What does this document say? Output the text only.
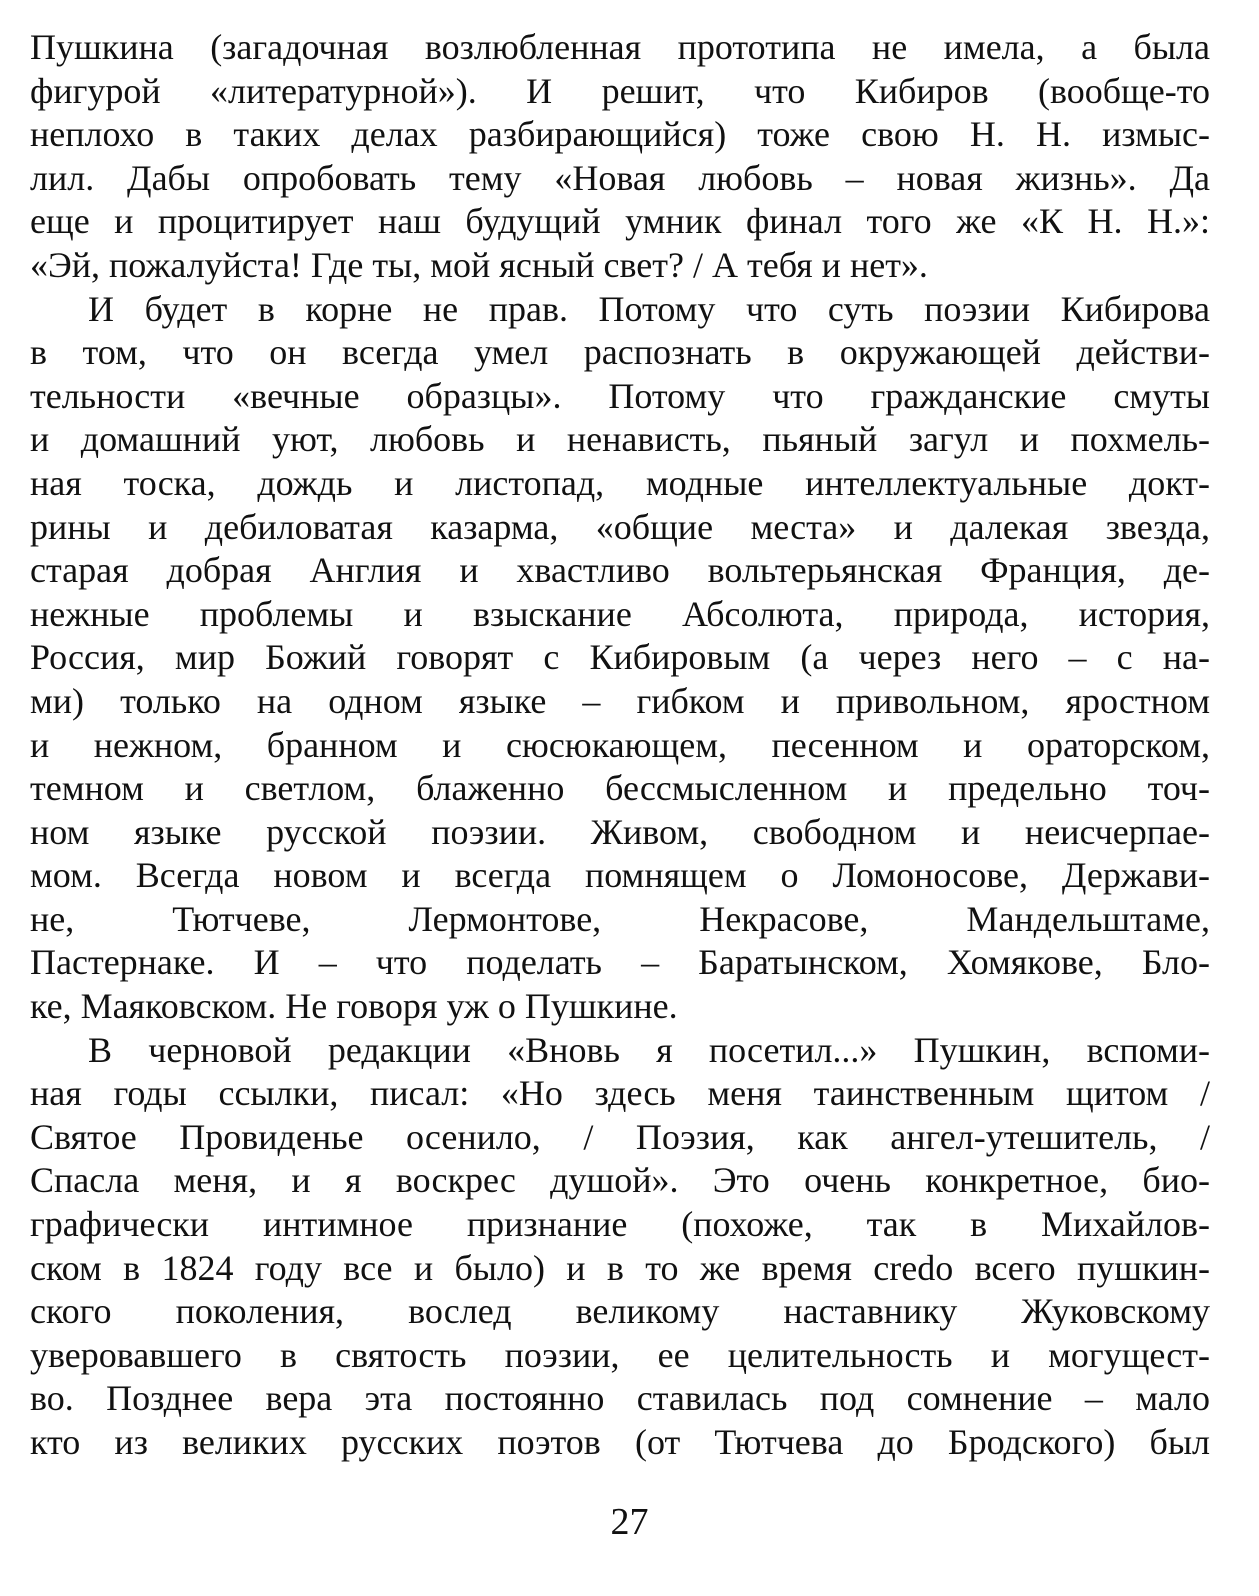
Пушкина (загадочная возлюбленная прототипа не имела, а была
фигурой «литературной»). И решит, что Кибиров (вообще-то
неплохо в таких делах разбирающийся) тоже свою Н. Н. измыс-
лил. Дабы опробовать тему «Новая любовь – новая жизнь». Да
еще и процитирует наш будущий умник финал того же «К Н. Н.»:
«Эй, пожалуйста! Где ты, мой ясный свет? / А тебя и нет».
И будет в корне не прав. Потому что суть поэзии Кибирова
в том, что он всегда умел распознать в окружающей действи-
тельности «вечные образцы». Потому что гражданские смуты
и домашний уют, любовь и ненависть, пьяный загул и похмель-
ная тоска, дождь и листопад, модные интеллектуальные докт-
рины и дебиловатая казарма, «общие места» и далекая звезда,
старая добрая Англия и хвастливо вольтерьянская Франция, де-
нежные проблемы и взыскание Абсолюта, природа, история,
Россия, мир Божий говорят с Кибировым (а через него – с на-
ми) только на одном языке – гибком и привольном, яростном
и нежном, бранном и сюсюкающем, песенном и ораторском,
темном и светлом, блаженно бессмысленном и предельно точ-
ном языке русской поэзии. Живом, свободном и неисчерпае-
мом. Всегда новом и всегда помнящем о Ломоносове, Держави-
не, Тютчеве, Лермонтове, Некрасове, Мандельштаме,
Пастернаке. И – что поделать – Баратынском, Хомякове, Бло-
ке, Маяковском. Не говоря уж о Пушкине.
В черновой редакции «Вновь я посетил...» Пушкин, вспоми-
ная годы ссылки, писал: «Но здесь меня таинственным щитом /
Святое Провиденье осенило, / Поэзия, как ангел-утешитель, /
Спасла меня, и я воскрес душой». Это очень конкретное, био-
графически интимное признание (похоже, так в Михайлов-
ском в 1824 году все и было) и в то же время credo всего пушкин-
ского поколения, вослед великому наставнику Жуковскому
уверовавшего в святость поэзии, ее целительность и могущест-
во. Позднее вера эта постоянно ставилась под сомнение – мало
кто из великих русских поэтов (от Тютчева до Бродского) был
27
